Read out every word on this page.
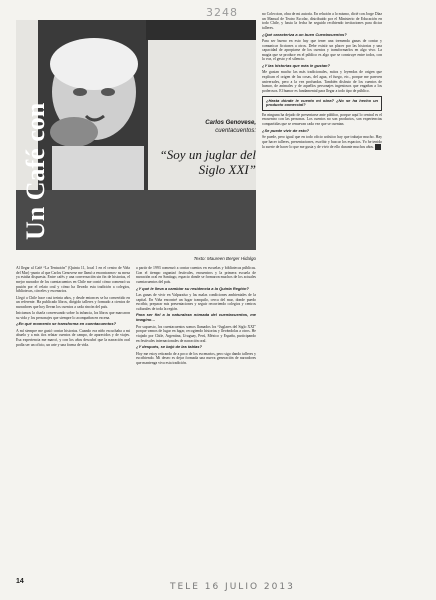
3248
Un Café con	Carlos Genovese,
cuentacuentos:
“Soy un juglar del Siglo XXI”
Texto: Maureen Berger Hidalgo

Al llegar al Café “La Tentación” (Quinta 11, local 1 en el centro de Viña del Mar) -punto al que Carlos Genovese me llamó a encontrarnos- su mesa ya estaba dispuesta. Entre cafés y una conversación sin fin de historias, el mejor narrador de los cuentacuentos en Chile me contó cómo comenzó su pasión por el relato oral y cómo ha llevado esta tradición a colegios, bibliotecas, cárceles y escenarios.

Llegó a Chile hace casi treinta años, y desde entonces se ha convertido en un referente. Ha publicado libros, dirigido talleres y formado a cientos de narradores que hoy llevan los cuentos a cada rincón del país.

Iniciamos la charla conversando sobre la infancia, los libros que marcaron su vida y los personajes que siempre lo acompañan en escena.

¿En qué momento se transforma en cuentacuentos?

A mí siempre me gustó contar historias. Cuando era niño escuchaba a mi abuelo y a mis tíos relatar cuentos de campo, de aparecidos y de viajes. Esa experiencia me marcó, y con los años descubrí que la narración oral podía ser un oficio, un arte y una forma de vida.

a partir de 1993 comenzó a contar cuentos en escuelas y bibliotecas públicas. Con el tiempo organizó festivales, encuentros y la primera escuela de narración oral en Santiago, espacio donde se formaron muchos de los actuales cuentacuentos del país.

¿Y qué le lleva a cambiar su residencia a la Quinta Región?

Las ganas de vivir en Valparaíso y las malas condiciones ambientales de la capital. En Viña encontré un lugar tranquilo, cerca del mar, donde puedo escribir, preparar mis presentaciones y seguir recorriendo colegios y centros culturales de toda la región.

Para ser fiel a la naturaleza nómada del cuentacuentos, me imagino…

Por supuesto, los cuentacuentos somos llamados los “Juglares del Siglo XXI” porque vamos de lugar en lugar, recogiendo historias y llevándolas a otros. He viajado por Chile, Argentina, Uruguay, Perú, México y España, participando en festivales internacionales de narración oral.

¿Y después, se bajó de las tablas?

Hoy me estoy retirando de a poco de los escenarios, pero sigo dando talleres y escribiendo. Mi deseo es dejar formada una nueva generación de narradores que mantenga viva esta tradición.

no Coleccion, obra de mi autoría. En relación a lo mismo, dicté con Jorge Díaz un Manual de Teatro Escolar, distribuido por el Ministerio de Educación en todo Chile, y hasta la fecha he seguido recibiendo invitaciones para dictar talleres.

¿Qué caracteriza a un buen Cuentacuentos?

Para ser bueno en esto hay que tener una tremenda ganas de contar y comunicar ficciones a otros. Debe existir un placer por las historias y una capacidad de apropiarse de los cuentos y transformarlos en algo vivo. La magia que se produce en el público es algo que se construye entre todos, con la voz, el gesto y el silencio.

¿Y las historias que más le gustan?

Me gustan mucho las más tradicionales, mitos y leyendas de origen que explican el origen de las cosas, del agua, el fuego, etc., porque me parecen universales, pero a la vez profundas. También disfruto de los cuentos de humor, de animales y de aquellos personajes ingeniosos que engañan a los poderosos. El humor es fundamental para llegar a todo tipo de público.

¿Hasta dónde le cuento mi obra? ¿No se ha hecho un producto comercial?

En ninguna ha dejado de presentarse ante público, porque aquí lo central es el encuentro con las personas. Los cuentos no son productos, son experiencias compartidas que se renuevan cada vez que se cuentan.

¿Se puede vivir de esto?

Se puede, pero igual que en todo oficio artístico hay que trabajar mucho. Hay que hacer talleres, presentaciones, escribir y buscar los espacios. Yo he tenido la suerte de hacer lo que me gusta y de vivir de ello durante muchos años.

14
TELE 16 JULIO 2013
